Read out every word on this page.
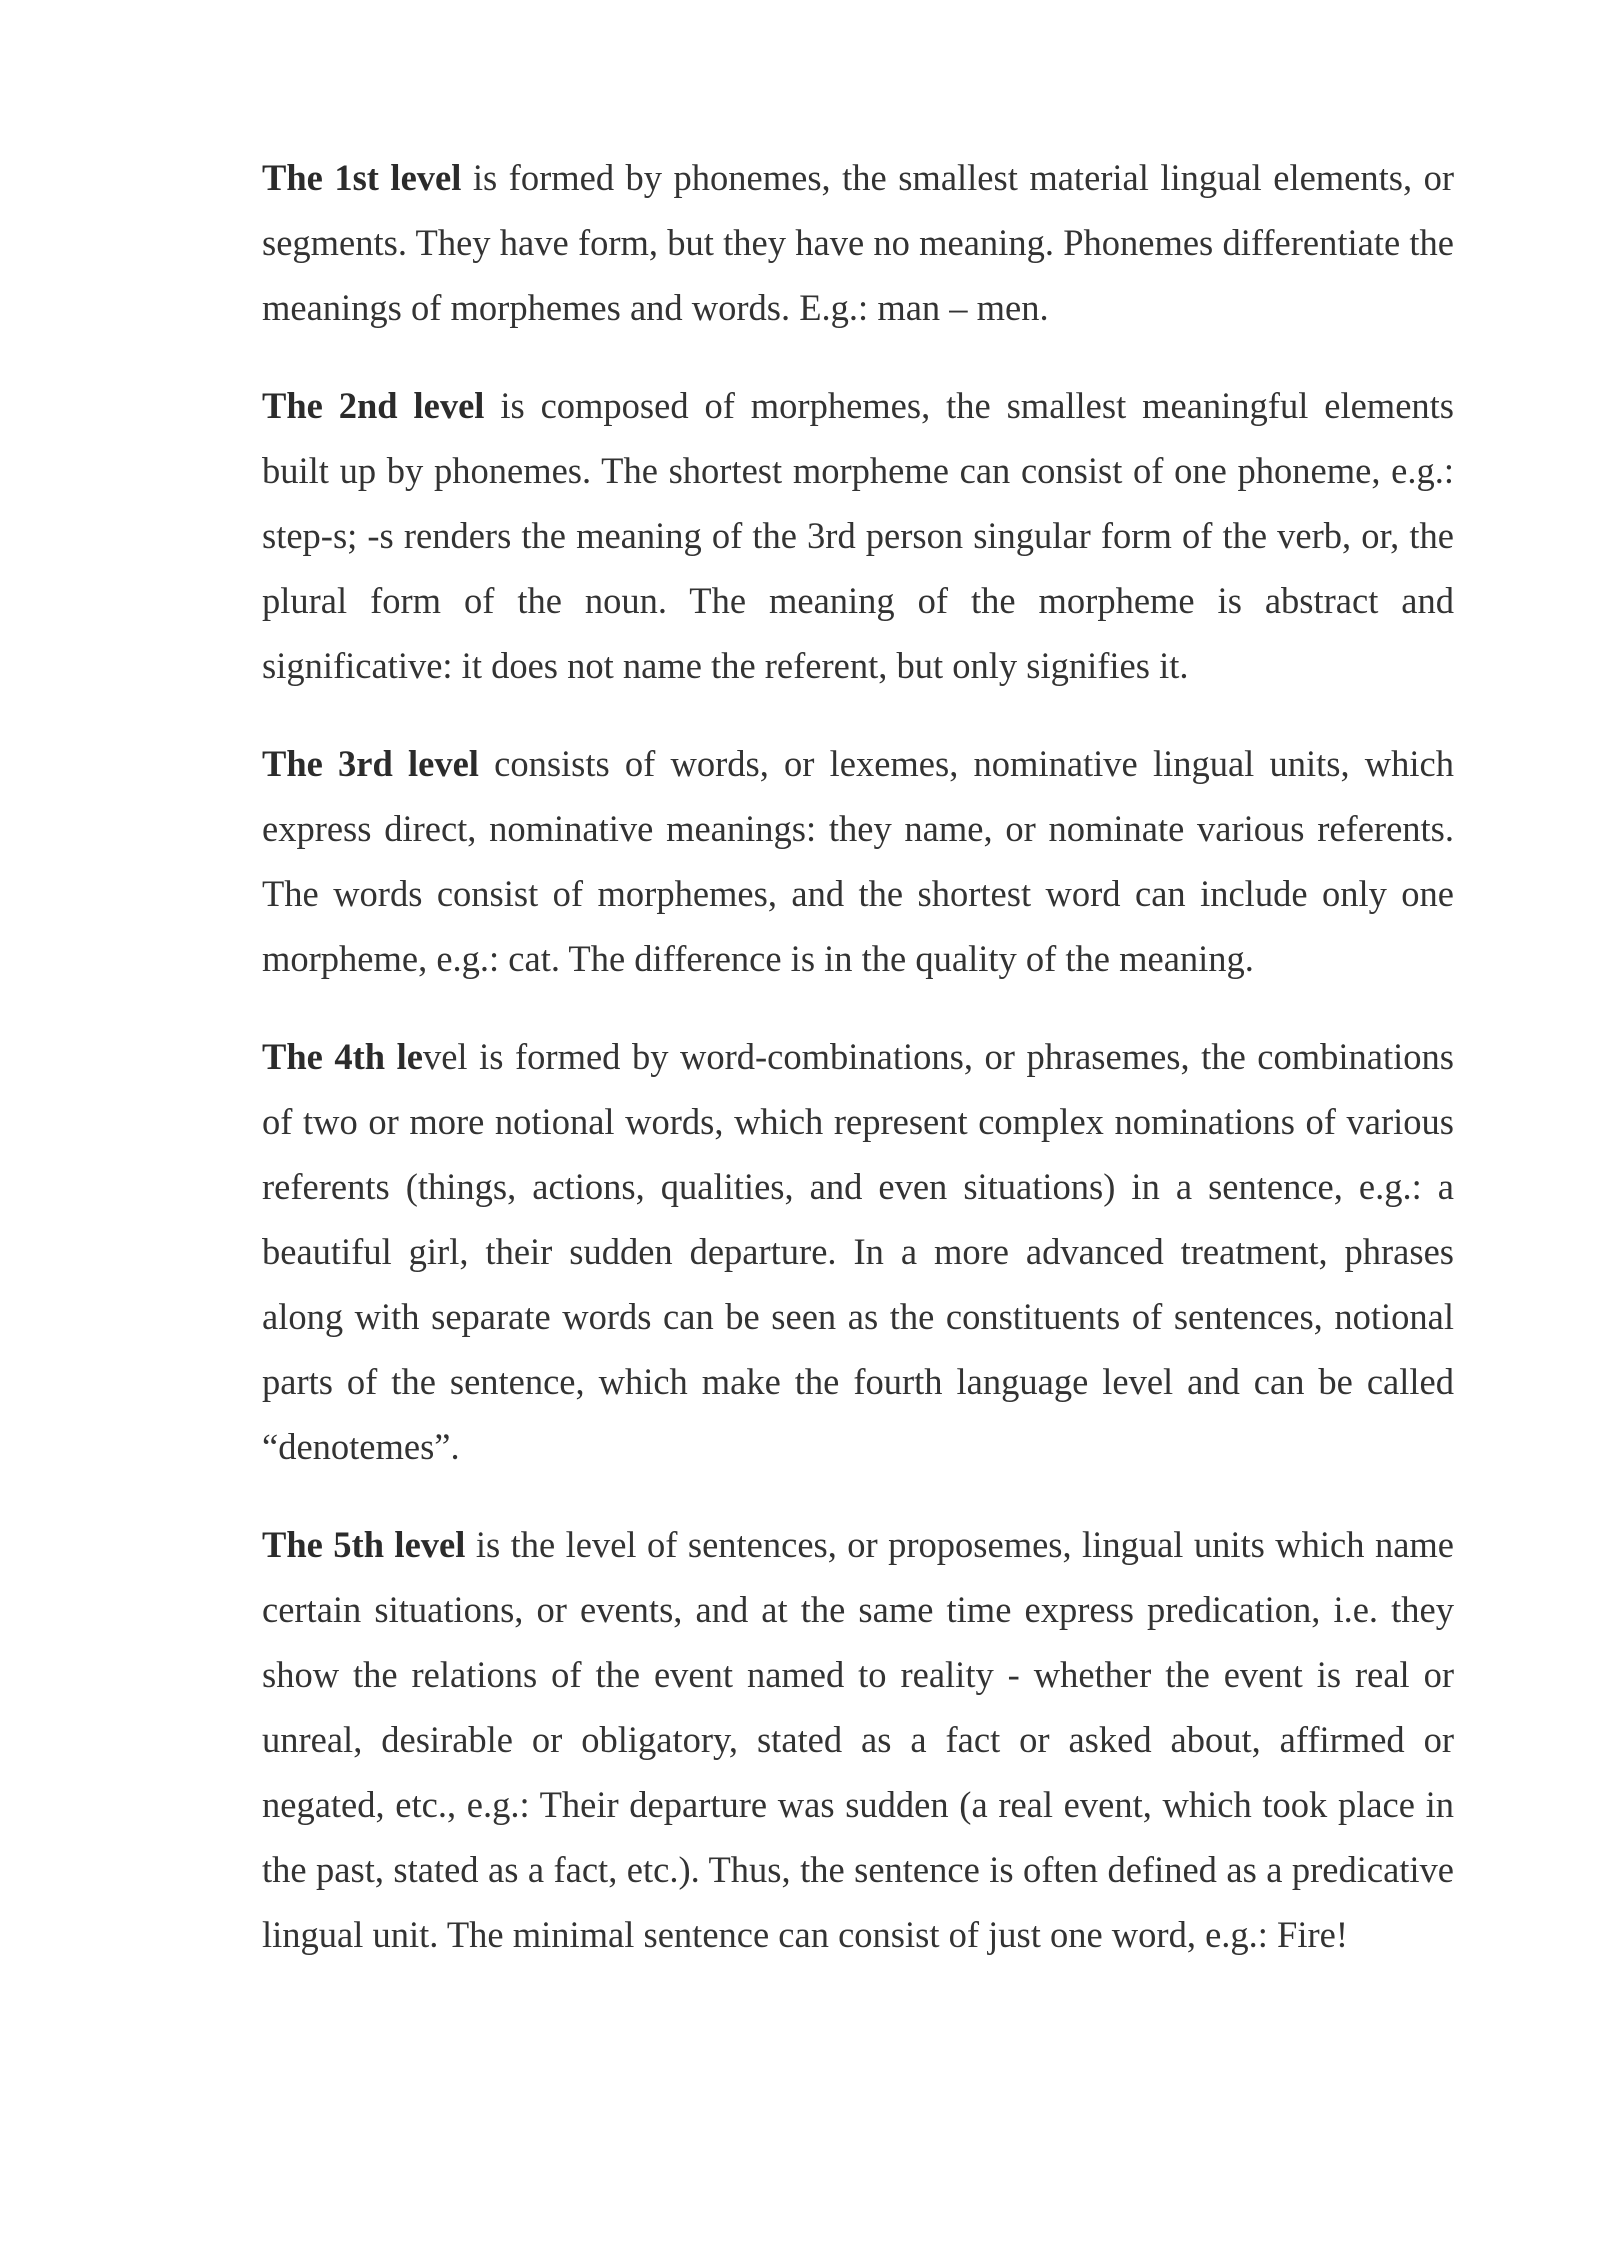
The 1st level is formed by phonemes, the smallest material lingual elements, or segments. They have form, but they have no meaning. Phonemes differentiate the meanings of morphemes and words. E.g.: man – men.

The 2nd level is composed of morphemes, the smallest meaningful elements built up by phonemes. The shortest morpheme can consist of one phoneme, e.g.: step-s; -s renders the meaning of the 3rd person singular form of the verb, or, the plural form of the noun. The meaning of the morpheme is abstract and significative: it does not name the referent, but only signifies it.

The 3rd level consists of words, or lexemes, nominative lingual units, which express direct, nominative meanings: they name, or nominate various referents. The words consist of morphemes, and the shortest word can include only one morpheme, e.g.: cat. The difference is in the quality of the meaning.

The 4th level is formed by word-combinations, or phrasemes, the combinations of two or more notional words, which represent complex nominations of various referents (things, actions, qualities, and even situations) in a sentence, e.g.: a beautiful girl, their sudden departure. In a more advanced treatment, phrases along with separate words can be seen as the constituents of sentences, notional parts of the sentence, which make the fourth language level and can be called “denotemes”.

The 5th level is the level of sentences, or proposemes, lingual units which name certain situations, or events, and at the same time express predication, i.e. they show the relations of the event named to reality - whether the event is real or unreal, desirable or obligatory, stated as a fact or asked about, affirmed or negated, etc., e.g.: Their departure was sudden (a real event, which took place in the past, stated as a fact, etc.). Thus, the sentence is often defined as a predicative lingual unit. The minimal sentence can consist of just one word, e.g.: Fire!
